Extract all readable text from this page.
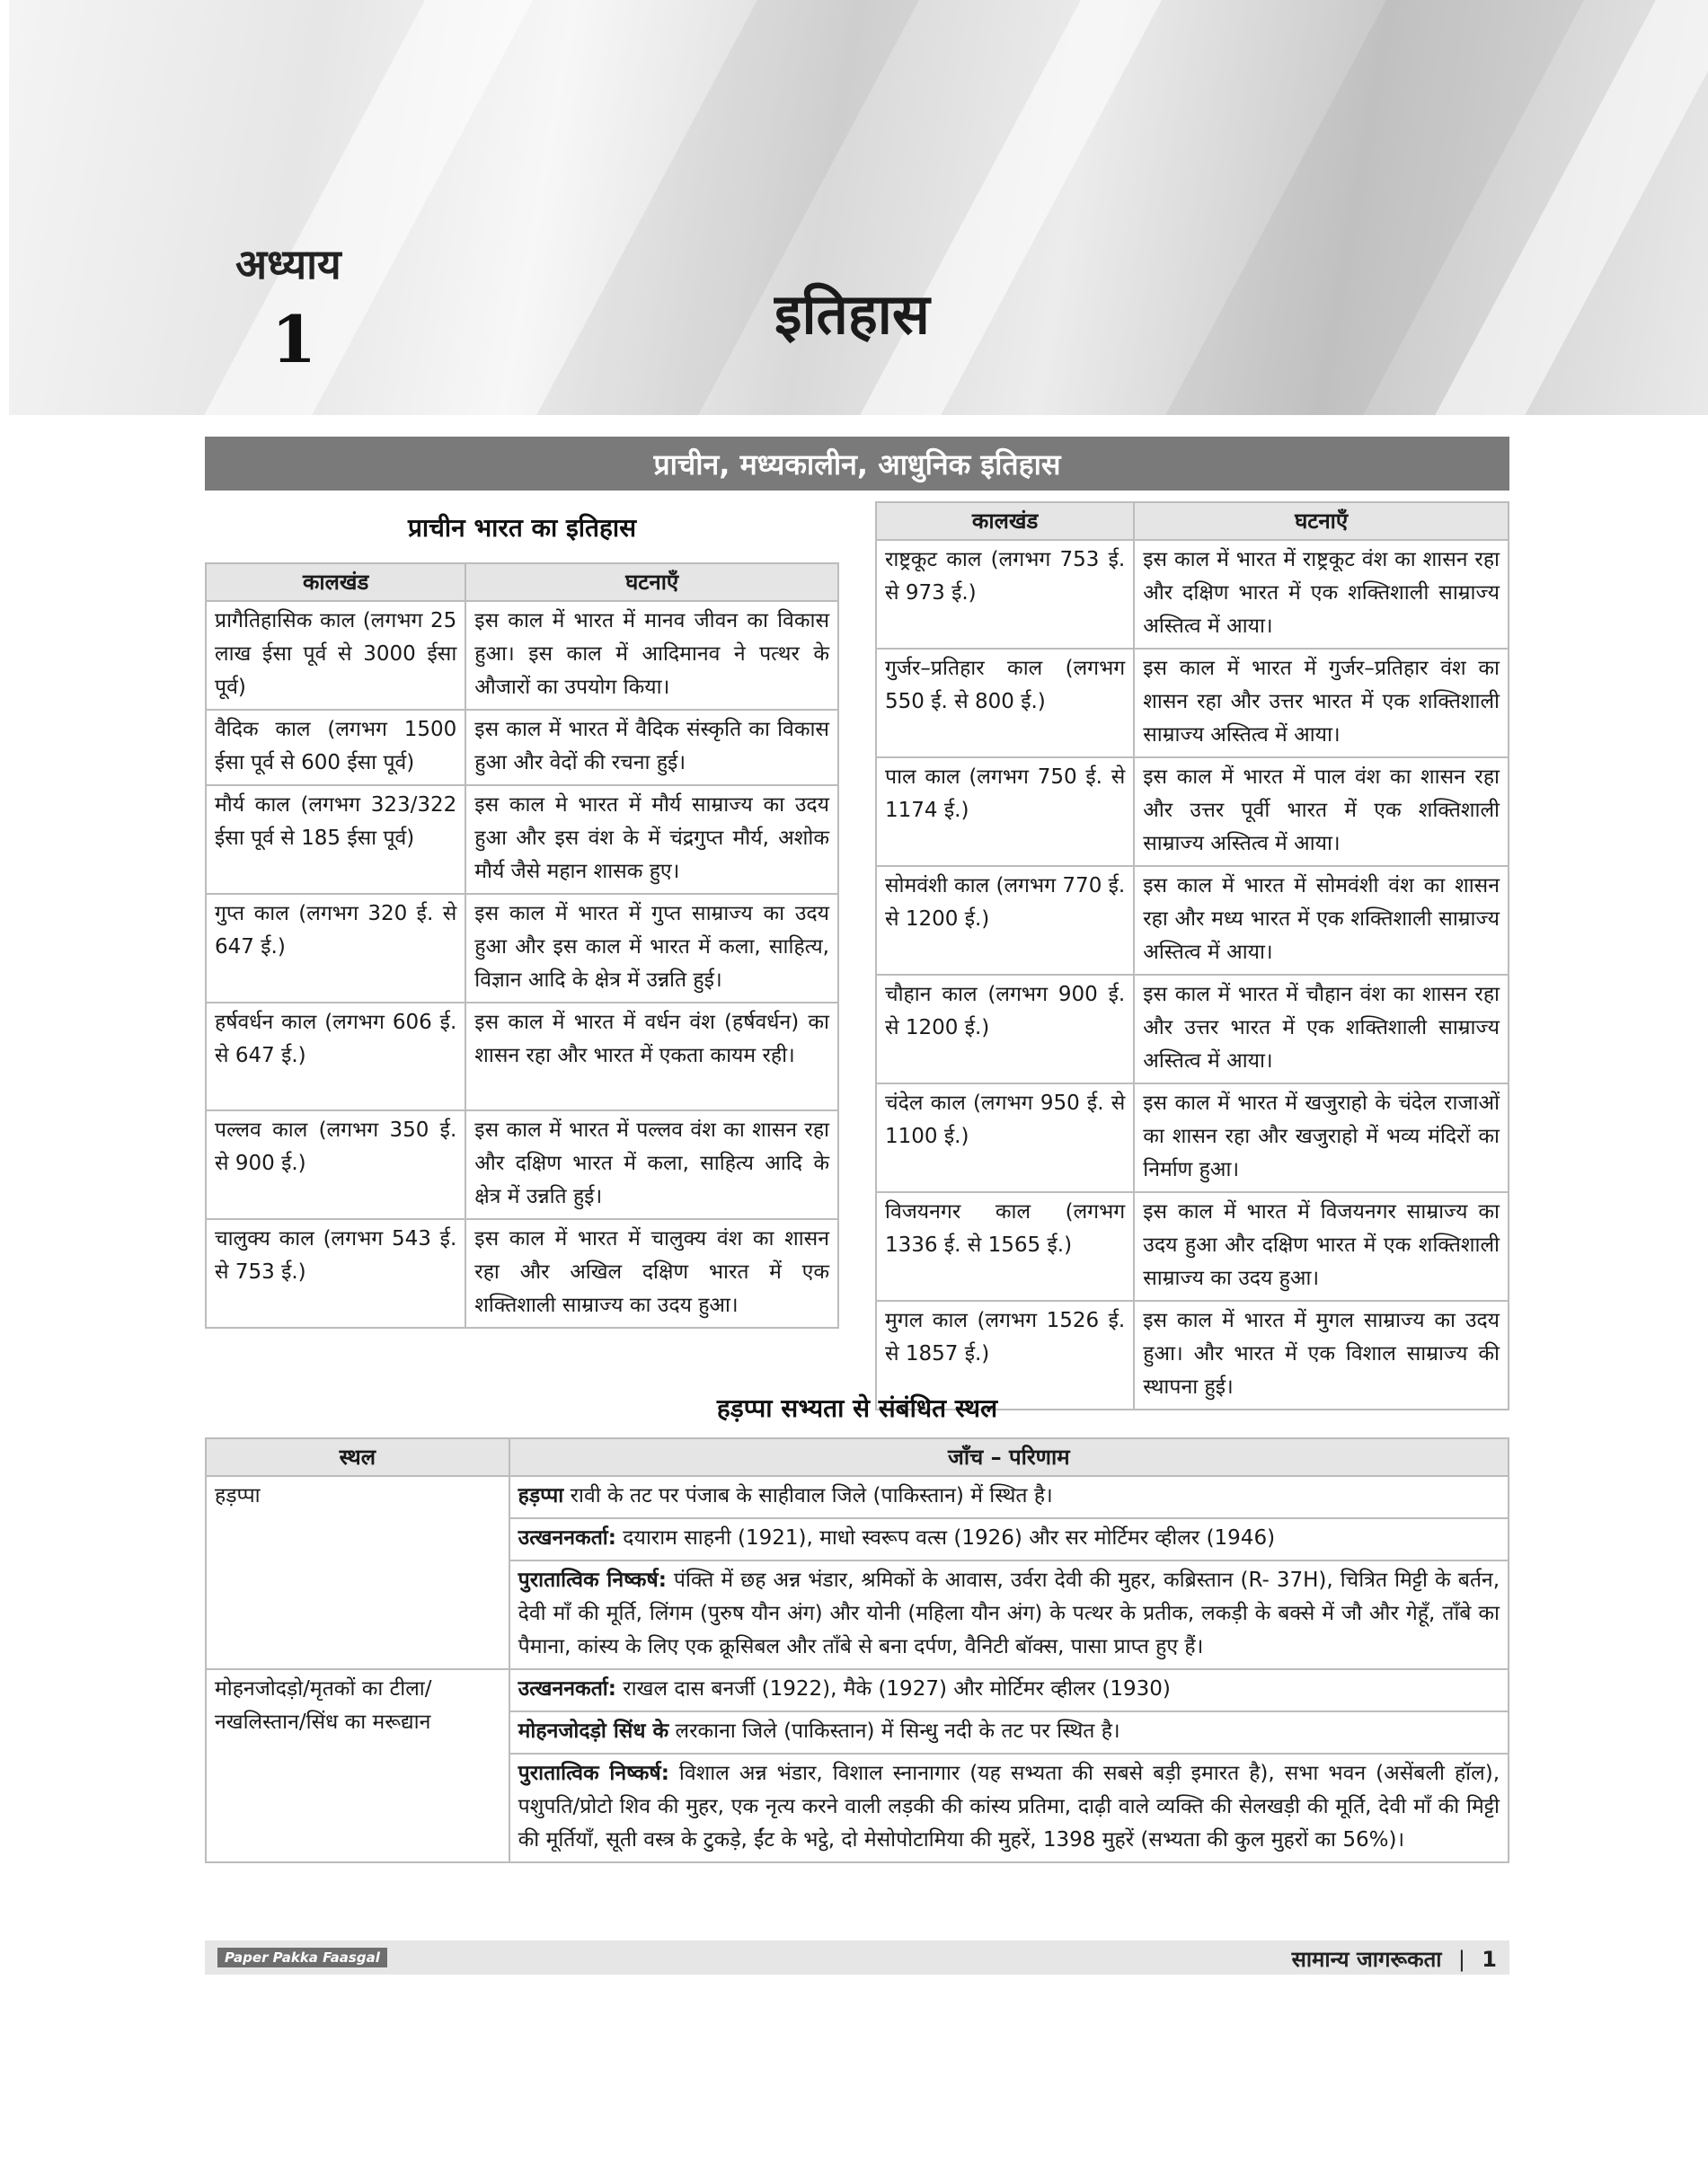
अध्याय
1	इतिहास
प्राचीन, मध्यकालीन, आधुनिक इतिहास
प्राचीन भारत का इतिहास
कालखंड	घटनाएँ
प्रागैतिहासिक काल (लगभग 25 लाख ईसा पूर्व से 3000 ईसा पूर्व)	इस काल में भारत में मानव जीवन का विकास हुआ। इस काल में आदिमानव ने पत्थर के औजारों का उपयोग किया।
वैदिक काल (लगभग 1500 ईसा पूर्व से 600 ईसा पूर्व)	इस काल में भारत में वैदिक संस्कृति का विकास हुआ और वेदों की रचना हुई।
मौर्य काल (लगभग 323/322 ईसा पूर्व से 185 ईसा पूर्व)	इस काल मे भारत में मौर्य साम्राज्य का उदय हुआ और इस वंश के में चंद्रगुप्त मौर्य, अशोक मौर्य जैसे महान शासक हुए।
गुप्त काल (लगभग 320 ई. से 647 ई.)	इस काल में भारत में गुप्त साम्राज्य का उदय हुआ और इस काल में भारत में कला, साहित्य, विज्ञान आदि के क्षेत्र में उन्नति हुई।
हर्षवर्धन काल (लगभग 606 ई. से 647 ई.)	इस काल में भारत में वर्धन वंश (हर्षवर्धन) का शासन रहा और भारत में एकता कायम रही।
पल्लव काल (लगभग 350 ई. से 900 ई.)	इस काल में भारत में पल्लव वंश का शासन रहा और दक्षिण भारत में कला, साहित्य आदि के क्षेत्र में उन्नति हुई।
चालुक्य काल (लगभग 543 ई. से 753 ई.)	इस काल में भारत में चालुक्य वंश का शासन रहा और अखिल दक्षिण भारत में एक शक्तिशाली साम्राज्य का उदय हुआ।
कालखंड	घटनाएँ
राष्ट्रकूट काल (लगभग 753 ई. से 973 ई.)	इस काल में भारत में राष्ट्रकूट वंश का शासन रहा और दक्षिण भारत में एक शक्तिशाली साम्राज्य अस्तित्व में आया।
गुर्जर–प्रतिहार काल (लगभग 550 ई. से 800 ई.)	इस काल में भारत में गुर्जर–प्रतिहार वंश का शासन रहा और उत्तर भारत में एक शक्तिशाली साम्राज्य अस्तित्व में आया।
पाल काल (लगभग 750 ई. से 1174 ई.)	इस काल में भारत में पाल वंश का शासन रहा और उत्तर पूर्वी भारत में एक शक्तिशाली साम्राज्य अस्तित्व में आया।
सोमवंशी काल (लगभग 770 ई. से 1200 ई.)	इस काल में भारत में सोमवंशी वंश का शासन रहा और मध्य भारत में एक शक्तिशाली साम्राज्य अस्तित्व में आया।
चौहान काल (लगभग 900 ई. से 1200 ई.)	इस काल में भारत में चौहान वंश का शासन रहा और उत्तर भारत में एक शक्तिशाली साम्राज्य अस्तित्व में आया।
चंदेल काल (लगभग 950 ई. से 1100 ई.)	इस काल में भारत में खजुराहो के चंदेल राजाओं का शासन रहा और खजुराहो में भव्य मंदिरों का निर्माण हुआ।
विजयनगर काल (लगभग 1336 ई. से 1565 ई.)	इस काल में भारत में विजयनगर साम्राज्य का उदय हुआ और दक्षिण भारत में एक शक्तिशाली साम्राज्य का उदय हुआ।
मुगल काल (लगभग 1526 ई. से 1857 ई.)	इस काल में भारत में मुगल साम्राज्य का उदय हुआ। और भारत में एक विशाल साम्राज्य की स्थापना हुई।
हड़प्पा सभ्यता से संबंधित स्थल
स्थल	जाँच – परिणाम
हड़प्पा	हड़प्पा रावी के तट पर पंजाब के साहीवाल जिले (पाकिस्तान) में स्थित है।
	उत्खननकर्ता: दयाराम साहनी (1921), माधो स्वरूप वत्स (1926) और सर मोर्टिमर व्हीलर (1946)
	पुरातात्विक निष्कर्ष: पंक्ति में छह अन्न भंडार, श्रमिकों के आवास, उर्वरा देवी की मुहर, कब्रिस्तान (R- 37H), चित्रित मिट्टी के बर्तन, देवी माँ की मूर्ति, लिंगम (पुरुष यौन अंग) और योनी (महिला यौन अंग) के पत्थर के प्रतीक, लकड़ी के बक्से में जौ और गेहूँ, ताँबे का पैमाना, कांस्य के लिए एक क्रूसिबल और ताँबे से बना दर्पण, वैनिटी बॉक्स, पासा प्राप्त हुए हैं।
मोहनजोदड़ो/मृतकों का टीला/नखलिस्तान/सिंध का मरूद्यान	उत्खननकर्ता: राखल दास बनर्जी (1922), मैके (1927) और मोर्टिमर व्हीलर (1930)
	मोहनजोदड़ो सिंध के लरकाना जिले (पाकिस्तान) में सिन्धु नदी के तट पर स्थित है।
	पुरातात्विक निष्कर्ष: विशाल अन्न भंडार, विशाल स्नानागार (यह सभ्यता की सबसे बड़ी इमारत है), सभा भवन (असेंबली हॉल), पशुपति/प्रोटो शिव की मुहर, एक नृत्य करने वाली लड़की की कांस्य प्रतिमा, दाढ़ी वाले व्यक्ति की सेलखड़ी की मूर्ति, देवी माँ की मिट्टी की मूर्तियाँ, सूती वस्त्र के टुकड़े, ईंट के भट्ठे, दो मेसोपोटामिया की मुहरें, 1398 मुहरें (सभ्यता की कुल मुहरों का 56%)।
Paper Pakka Faasgal	सामान्य जागरूकता | 1
